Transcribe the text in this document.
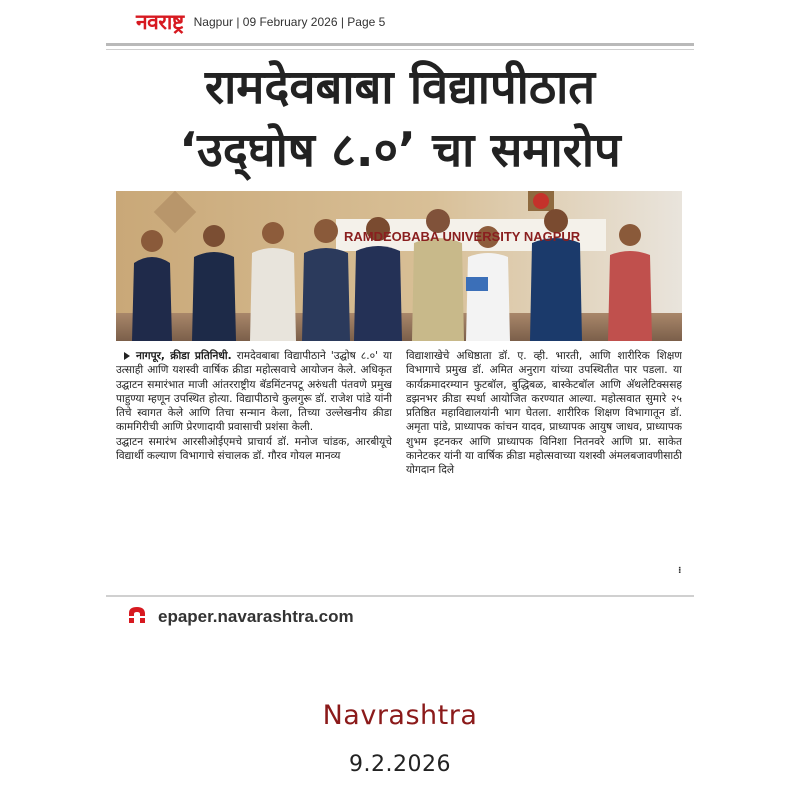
नवराष्ट्र Nagpur | 09 February 2026 | Page 5
रामदेवबाबा विद्यापीठात
‘उद्‌घोष ८.०’ चा समारोप
RAMDEOBABA UNIVERSITY NAGPUR
नागपूर, क्रीडा प्रतिनिधी. रामदेवबाबा विद्यापीठाने 'उद्घोष ८.०' या उत्साही आणि यशस्वी वार्षिक क्रीडा महोत्सवाचे आयोजन केले. अधिकृत उद्घाटन समारंभात माजी आंतरराष्ट्रीय बॅडमिंटनपटू अरुंधती पंतवणे प्रमुख पाहुण्या म्हणून उपस्थित होत्या. विद्यापीठाचे कुलगुरू डॉ. राजेश पांडे यांनी तिचे स्वागत केले आणि तिचा सन्मान केला, तिच्या उल्लेखनीय क्रीडा कामगिरीची आणि प्रेरणादायी प्रवासाची प्रशंसा केली.
उद्घाटन समारंभ आरसीओईएमचे प्राचार्य डॉ. मनोज चांडक, आरबीयूचे विद्यार्थी कल्याण विभागाचे संचालक डॉ. गौरव गोयल मानव्य
विद्याशाखेचे अधिष्ठाता डॉ. ए. व्ही. भारती, आणि शारीरिक शिक्षण विभागाचे प्रमुख डॉ. अमित अनुराग यांच्या उपस्थितीत पार पडला. या कार्यक्रमादरम्यान फुटबॉल, बुद्धिबळ, बास्केटबॉल आणि अ‍ॅथलेटिक्ससह डझनभर क्रीडा स्पर्धा आयोजित करण्यात आल्या. महोत्सवात सुमारे २५ प्रतिष्ठित महाविद्यालयांनी भाग घेतला. शारीरिक शिक्षण विभागातून डॉ. अमृता पांडे, प्राध्यापक कांचन यादव, प्राध्यापक आयुष जाधव, प्राध्यापक शुभम इटनकर आणि प्राध्यापक विनिशा नितनवरे आणि प्रा. साकेत कानेटकर यांनी या वार्षिक क्रीडा महोत्सवाच्या यशस्वी अंमलबजावणीसाठी योगदान दिले
⁝
epaper.navarashtra.com
Navrashtra
9.2.2026
